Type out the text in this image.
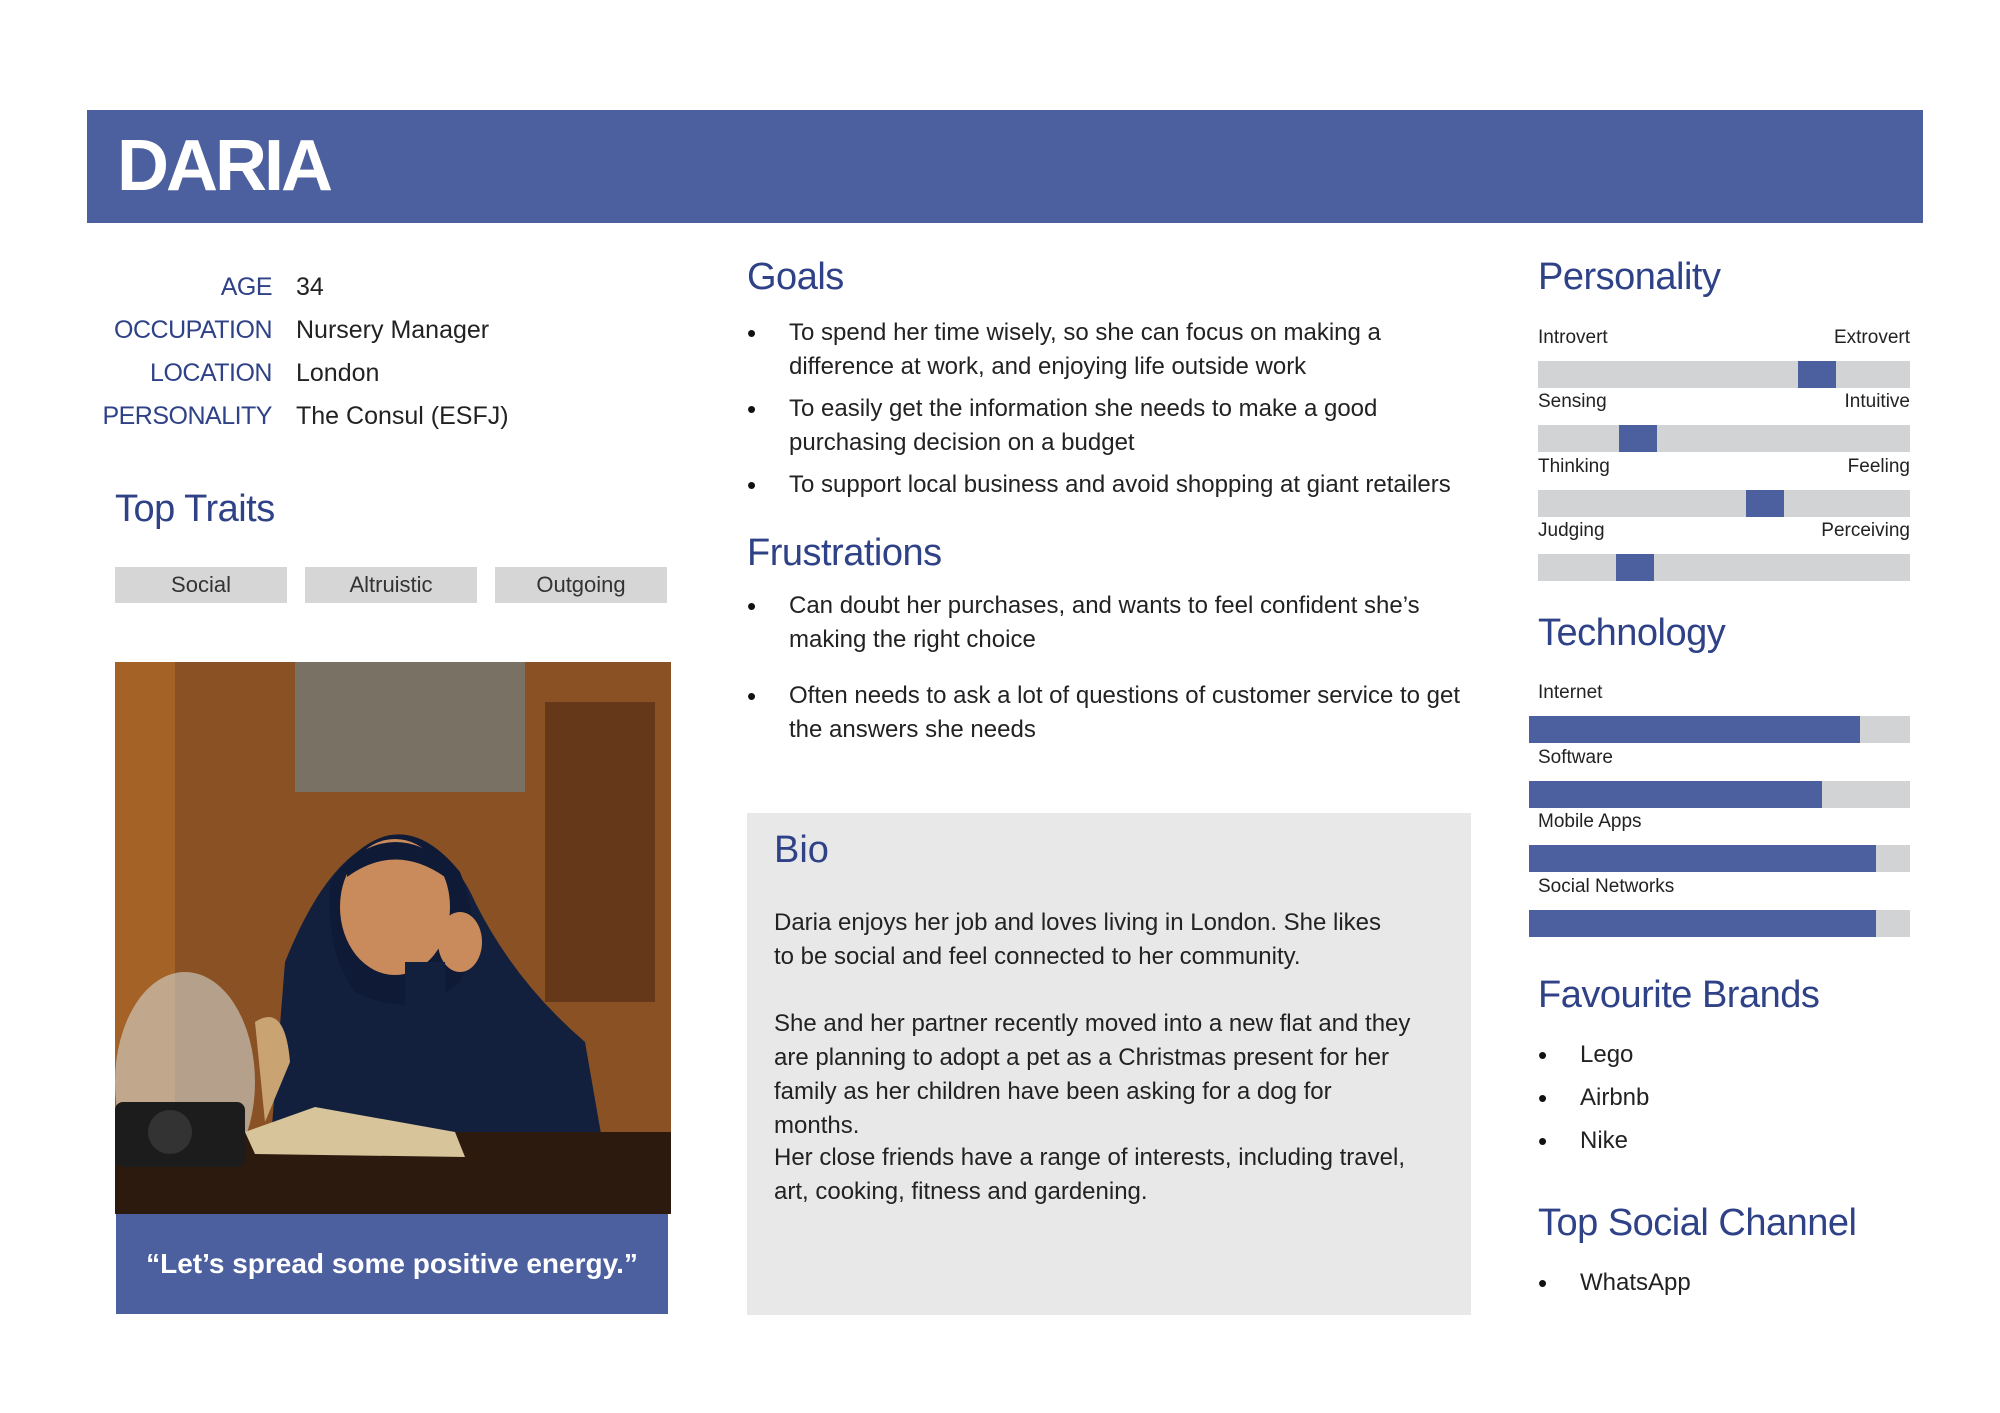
DARIA
AGE 34
OCCUPATION Nursery Manager
LOCATION London
PERSONALITY The Consul (ESFJ)
Top Traits
Social	Altruistic	Outgoing
“Let’s spread some positive energy.”
Goals
• To spend her time wisely, so she can focus on making a
difference at work, and enjoying life outside work
• To easily get the information she needs to make a good
purchasing decision on a budget
• To support local business and avoid shopping at giant retailers
Frustrations
• Can doubt her purchases, and wants to feel confident she’s
making the right choice
• Often needs to ask a lot of questions of customer service to get
the answers she needs
Bio
Daria enjoys her job and loves living in London. She likes
to be social and feel connected to her community.
She and her partner recently moved into a new flat and they
are planning to adopt a pet as a Christmas present for her
family as her children have been asking for a dog for months.
Her close friends have a range of interests, including travel,
art, cooking, fitness and gardening.
Personality
Introvert	Extrovert
Sensing	Intuitive
Thinking	Feeling
Judging	Perceiving
Technology
Internet
Software
Mobile Apps
Social Networks
Favourite Brands
• Lego
• Airbnb
• Nike
Top Social Channel
• WhatsApp
